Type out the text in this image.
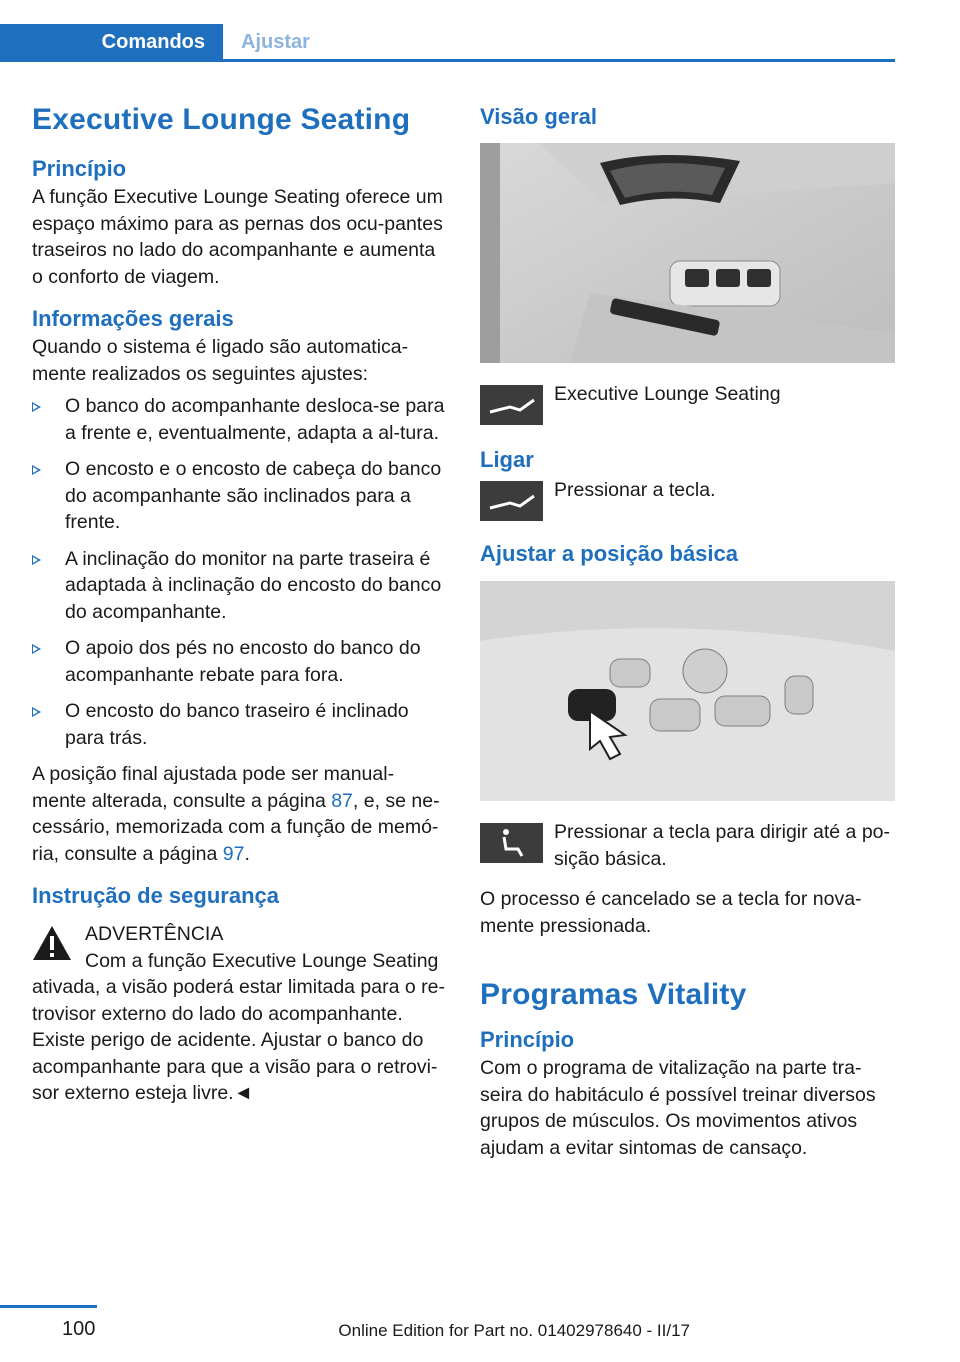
Comandos	Ajustar
Executive Lounge Seating
Princípio

A função Executive Lounge Seating oferece um espaço máximo para as pernas dos ocu-pantes traseiros no lado do acompanhante e aumenta o conforto de viagem.

Informações gerais

Quando o sistema é ligado são automatica-mente realizados os seguintes ajustes:

O banco do acompanhante desloca-se para a frente e, eventualmente, adapta a al-tura.
O encosto e o encosto de cabeça do banco do acompanhante são inclinados para a frente.
A inclinação do monitor na parte traseira é adaptada à inclinação do encosto do banco do acompanhante.
O apoio dos pés no encosto do banco do acompanhante rebate para fora.
O encosto do banco traseiro é inclinado para trás.

A posição final ajustada pode ser manual-mente alterada, consulte a página 87, e, se ne-cessário, memorizada com a função de memó-ria, consulte a página 97.

Instrução de segurança
ADVERTÊNCIA
Com a função Executive Lounge Seating
ativada, a visão poderá estar limitada para o re-trovisor externo do lado do acompanhante. Existe perigo de acidente. Ajustar o banco do acompanhante para que a visão para o retrovi-sor externo esteja livre.◄
Visão geral

Executive Lounge Seating

Ligar

Pressionar a tecla.

Ajustar a posição básica

Pressionar a tecla para dirigir até a po-sição básica.

O processo é cancelado se a tecla for nova-mente pressionada.

Programas Vitality
Princípio

Com o programa de vitalização na parte tra-seira do habitáculo é possível treinar diversos grupos de músculos. Os movimentos ativos ajudam a evitar sintomas de cansaço.

100	Online Edition for Part no. 01402978640 - II/17
